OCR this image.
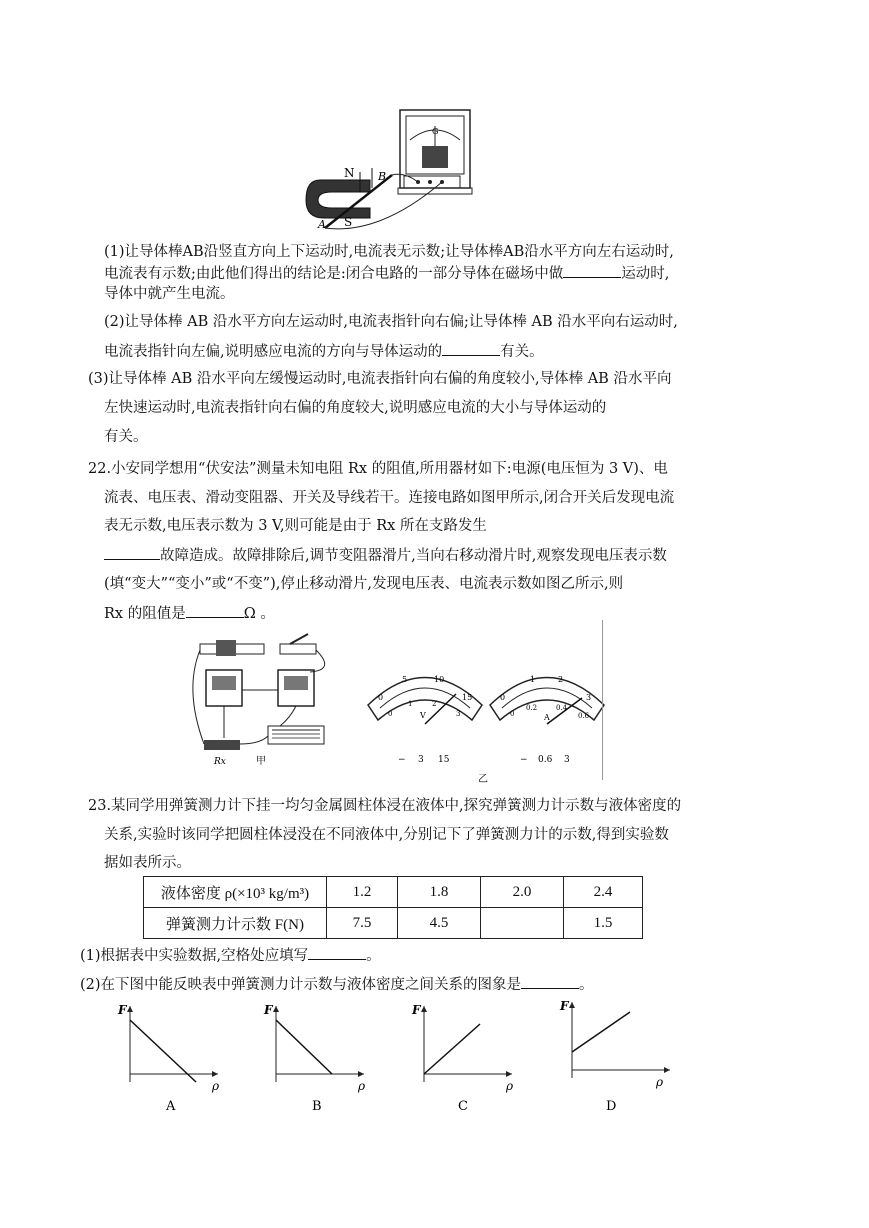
G
N
S
A
B
(1)让导体棒AB沿竖直方向上下运动时,电流表无示数;让导体棒AB沿水平方向左右运动时,
电流表有示数;由此他们得出的结论是:闭合电路的一部分导体在磁场中做	运动时,
导体中就产生电流。
(2)让导体棒 AB 沿水平方向左运动时,电流表指针向右偏;让导体棒 AB 沿水平向右运动时,
电流表指针向左偏,说明感应电流的方向与导体运动的	有关。
(3)让导体棒 AB 沿水平向左缓慢运动时,电流表指针向右偏的角度较小,导体棒 AB 沿水平向
左快速运动时,电流表指针向右偏的角度较大,说明感应电流的大小与导体运动的
有关。
22.小安同学想用“伏安法”测量未知电阻 Rx 的阻值,所用器材如下:电源(电压恒为 3 V)、电
流表、电压表、滑动变阻器、开关及导线若干。连接电路如图甲所示,闭合开关后发现电流
表无示数,电压表示数为 3 V,则可能是由于 Rx 所在支路发生
故障造成。故障排除后,调节变阻器滑片,当向右移动滑片时,观察发现电压表示数
(填“变大”“变小”或“不变”),停止移动滑片,发现电压表、电流表示数如图乙所示,则
Rx 的阻值是	Ω 。
Rx	甲
0
5	10
15
0
1	2
3
V
− 3 15
0
1	2
3
0
0.2	0.4
0.6
A
− 0.6 3
乙
23.某同学用弹簧测力计下挂一均匀金属圆柱体浸在液体中,探究弹簧测力计示数与液体密度的
关系,实验时该同学把圆柱体浸没在不同液体中,分别记下了弹簧测力计的示数,得到实验数
据如表所示。
液体密度 ρ(×10³ kg/m³)	1.2	1.8	2.0	2.4
弹簧测力计示数 F(N)	7.5	4.5		1.5
(1)根据表中实验数据,空格处应填写	。
(2)在下图中能反映表中弹簧测力计示数与液体密度之间关系的图象是	。
F
ρ
A
F
ρ
B
F
ρ
C
F
ρ
D
